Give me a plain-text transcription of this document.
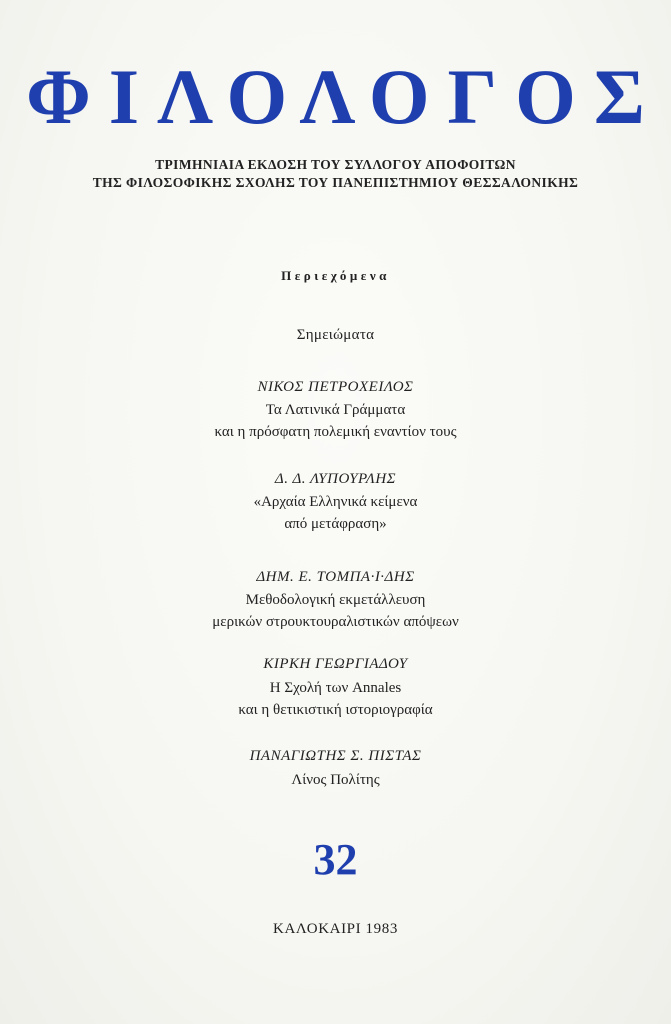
ΦΙΛΟΛΟΓΟΣ
ΤΡΙΜΗΝΙΑΙΑ ΕΚΔΟΣΗ ΤΟΥ ΣΥΛΛΟΓΟΥ ΑΠΟΦΟΙΤΩΝ
ΤΗΣ ΦΙΛΟΣΟΦΙΚΗΣ ΣΧΟΛΗΣ ΤΟΥ ΠΑΝΕΠΙΣΤΗΜΙΟΥ ΘΕΣΣΑΛΟΝΙΚΗΣ
Περιεχόμενα
Σημειώματα
ΝΙΚΟΣ ΠΕΤΡΟΧΕΙΛΟΣ
Τα Λατινικά Γράμματα
και η πρόσφατη πολεμική εναντίον τους
Δ. Δ. ΛΥΠΟΥΡΛΗΣ
«Αρχαία Ελληνικά κείμενα
από μετάφραση»
ΔΗΜ. Ε. ΤΟΜΠΑ·Ι·ΔΗΣ
Μεθοδολογική εκμετάλλευση
μερικών στρουκτουραλιστικών απόψεων
ΚΙΡΚΗ ΓΕΩΡΓΙΑΔΟΥ
Η Σχολή των Annales
και η θετικιστική ιστοριογραφία
ΠΑΝΑΓΙΩΤΗΣ Σ. ΠΙΣΤΑΣ
Λίνος Πολίτης
32
ΚΑΛΟΚΑΙΡΙ 1983
